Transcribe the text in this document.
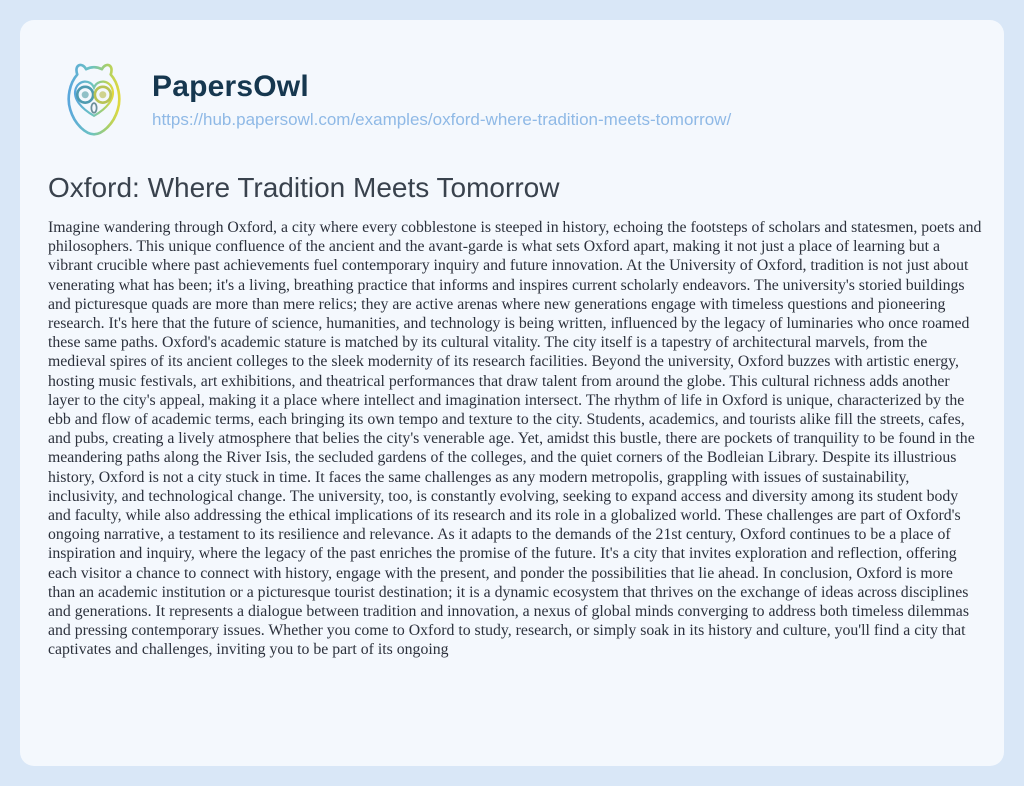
PapersOwl
https://hub.papersowl.com/examples/oxford-where-tradition-meets-tomorrow/
Oxford: Where Tradition Meets Tomorrow

Imagine wandering through Oxford, a city where every cobblestone is steeped in history, echoing the footsteps of scholars and statesmen, poets and philosophers. This unique confluence of the ancient and the avant-garde is what sets Oxford apart, making it not just a place of learning but a vibrant crucible where past achievements fuel contemporary inquiry and future innovation. At the University of Oxford, tradition is not just about venerating what has been; it's a living, breathing practice that informs and inspires current scholarly endeavors. The university's storied buildings and picturesque quads are more than mere relics; they are active arenas where new generations engage with timeless questions and pioneering research. It's here that the future of science, humanities, and technology is being written, influenced by the legacy of luminaries who once roamed these same paths. Oxford's academic stature is matched by its cultural vitality. The city itself is a tapestry of architectural marvels, from the medieval spires of its ancient colleges to the sleek modernity of its research facilities. Beyond the university, Oxford buzzes with artistic energy, hosting music festivals, art exhibitions, and theatrical performances that draw talent from around the globe. This cultural richness adds another layer to the city's appeal, making it a place where intellect and imagination intersect. The rhythm of life in Oxford is unique, characterized by the ebb and flow of academic terms, each bringing its own tempo and texture to the city. Students, academics, and tourists alike fill the streets, cafes, and pubs, creating a lively atmosphere that belies the city's venerable age. Yet, amidst this bustle, there are pockets of tranquility to be found in the meandering paths along the River Isis, the secluded gardens of the colleges, and the quiet corners of the Bodleian Library. Despite its illustrious history, Oxford is not a city stuck in time. It faces the same challenges as any modern metropolis, grappling with issues of sustainability, inclusivity, and technological change. The university, too, is constantly evolving, seeking to expand access and diversity among its student body and faculty, while also addressing the ethical implications of its research and its role in a globalized world. These challenges are part of Oxford's ongoing narrative, a testament to its resilience and relevance. As it adapts to the demands of the 21st century, Oxford continues to be a place of inspiration and inquiry, where the legacy of the past enriches the promise of the future. It's a city that invites exploration and reflection, offering each visitor a chance to connect with history, engage with the present, and ponder the possibilities that lie ahead. In conclusion, Oxford is more than an academic institution or a picturesque tourist destination; it is a dynamic ecosystem that thrives on the exchange of ideas across disciplines and generations. It represents a dialogue between tradition and innovation, a nexus of global minds converging to address both timeless dilemmas and pressing contemporary issues. Whether you come to Oxford to study, research, or simply soak in its history and culture, you'll find a city that captivates and challenges, inviting you to be part of its ongoing
